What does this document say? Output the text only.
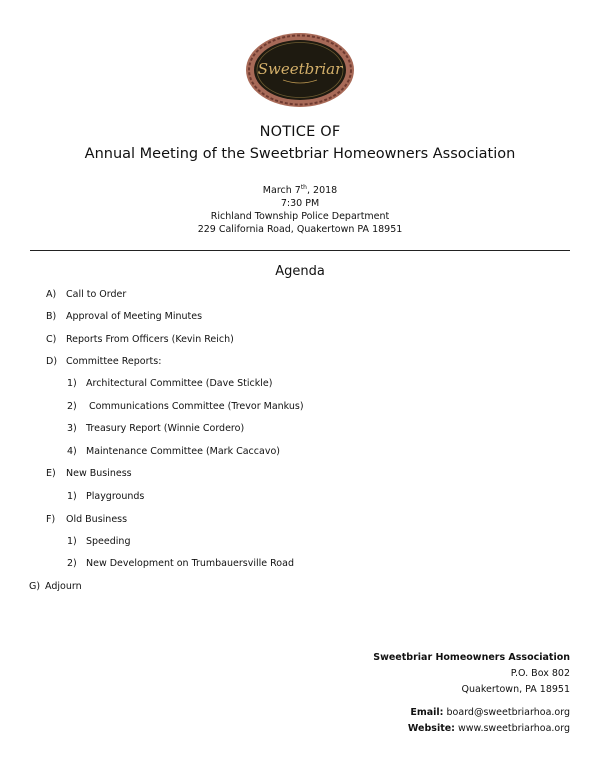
Sweetbriar
NOTICE OF
Annual Meeting of the Sweetbriar Homeowners Association
March 7th, 2018
7:30 PM
Richland Township Police Department
229 California Road, Quakertown PA 18951
Agenda
A) Call to Order
B) Approval of Meeting Minutes
C) Reports From Officers (Kevin Reich)
D) Committee Reports:
1) Architectural Committee (Dave Stickle)
2) Communications Committee (Trevor Mankus)
3) Treasury Report (Winnie Cordero)
4) Maintenance Committee (Mark Caccavo)
E) New Business
1) Playgrounds
F) Old Business
1) Speeding
2) New Development on Trumbauersville Road
G) Adjourn
Sweetbriar Homeowners Association
P.O. Box 802
Quakertown, PA 18951
Email: board@sweetbriarhoa.org
Website: www.sweetbriarhoa.org
